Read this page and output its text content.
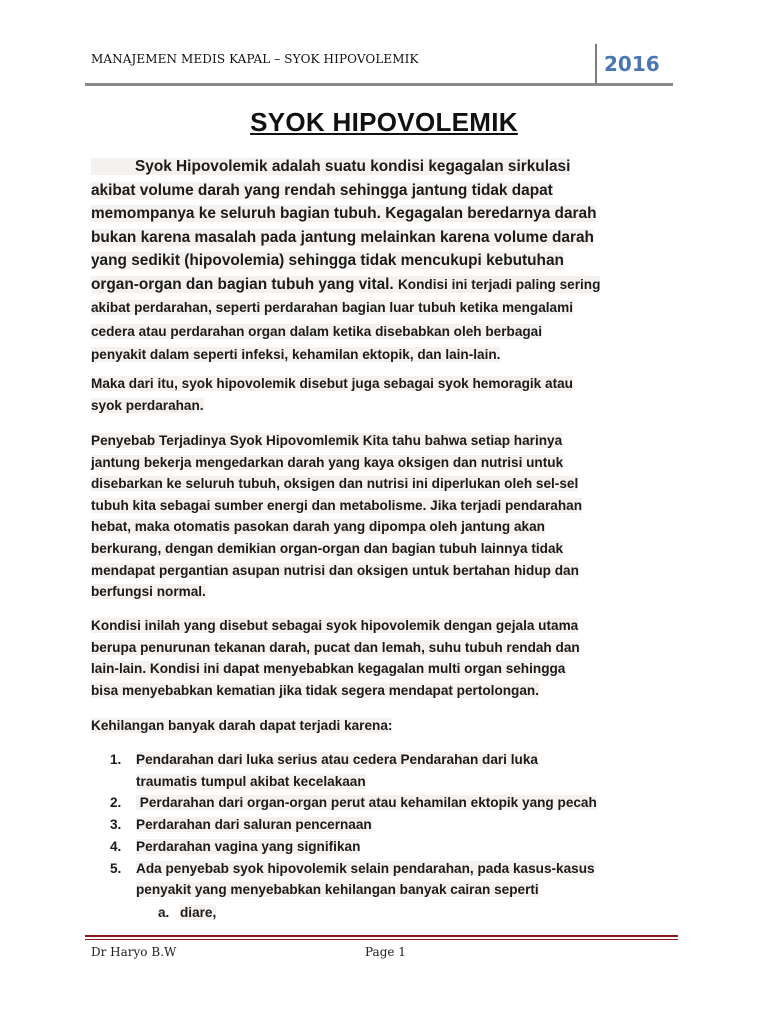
MANAJEMEN MEDIS KAPAL – SYOK HIPOVOLEMIK	2016
SYOK HIPOVOLEMIK
Syok Hipovolemik adalah suatu kondisi kegagalan sirkulasi
akibat volume darah yang rendah sehingga jantung tidak dapat
memompanya ke seluruh bagian tubuh. Kegagalan beredarnya darah
bukan karena masalah pada jantung melainkan karena volume darah
yang sedikit (hipovolemia) sehingga tidak mencukupi kebutuhan
organ-organ dan bagian tubuh yang vital. Kondisi ini terjadi paling sering
akibat perdarahan, seperti perdarahan bagian luar tubuh ketika mengalami
cedera atau perdarahan organ dalam ketika disebabkan oleh berbagai
penyakit dalam seperti infeksi, kehamilan ektopik, dan lain-lain.
Maka dari itu, syok hipovolemik disebut juga sebagai syok hemoragik atau
syok perdarahan.
Penyebab Terjadinya Syok Hipovomlemik Kita tahu bahwa setiap harinya
jantung bekerja mengedarkan darah yang kaya oksigen dan nutrisi untuk
disebarkan ke seluruh tubuh, oksigen dan nutrisi ini diperlukan oleh sel-sel
tubuh kita sebagai sumber energi dan metabolisme. Jika terjadi pendarahan
hebat, maka otomatis pasokan darah yang dipompa oleh jantung akan
berkurang, dengan demikian organ-organ dan bagian tubuh lainnya tidak
mendapat pergantian asupan nutrisi dan oksigen untuk bertahan hidup dan
berfungsi normal.
Kondisi inilah yang disebut sebagai syok hipovolemik dengan gejala utama
berupa penurunan tekanan darah, pucat dan lemah, suhu tubuh rendah dan
lain-lain. Kondisi ini dapat menyebabkan kegagalan multi organ sehingga
bisa menyebabkan kematian jika tidak segera mendapat pertolongan.
Kehilangan banyak darah dapat terjadi karena:
1. Pendarahan dari luka serius atau cedera Pendarahan dari luka
traumatis tumpul akibat kecelakaan
2. Perdarahan dari organ-organ perut atau kehamilan ektopik yang pecah
3. Perdarahan dari saluran pencernaan
4. Perdarahan vagina yang signifikan
5. Ada penyebab syok hipovolemik selain pendarahan, pada kasus-kasus
penyakit yang menyebabkan kehilangan banyak cairan seperti
a. diare,
Dr Haryo B.W	Page 1
